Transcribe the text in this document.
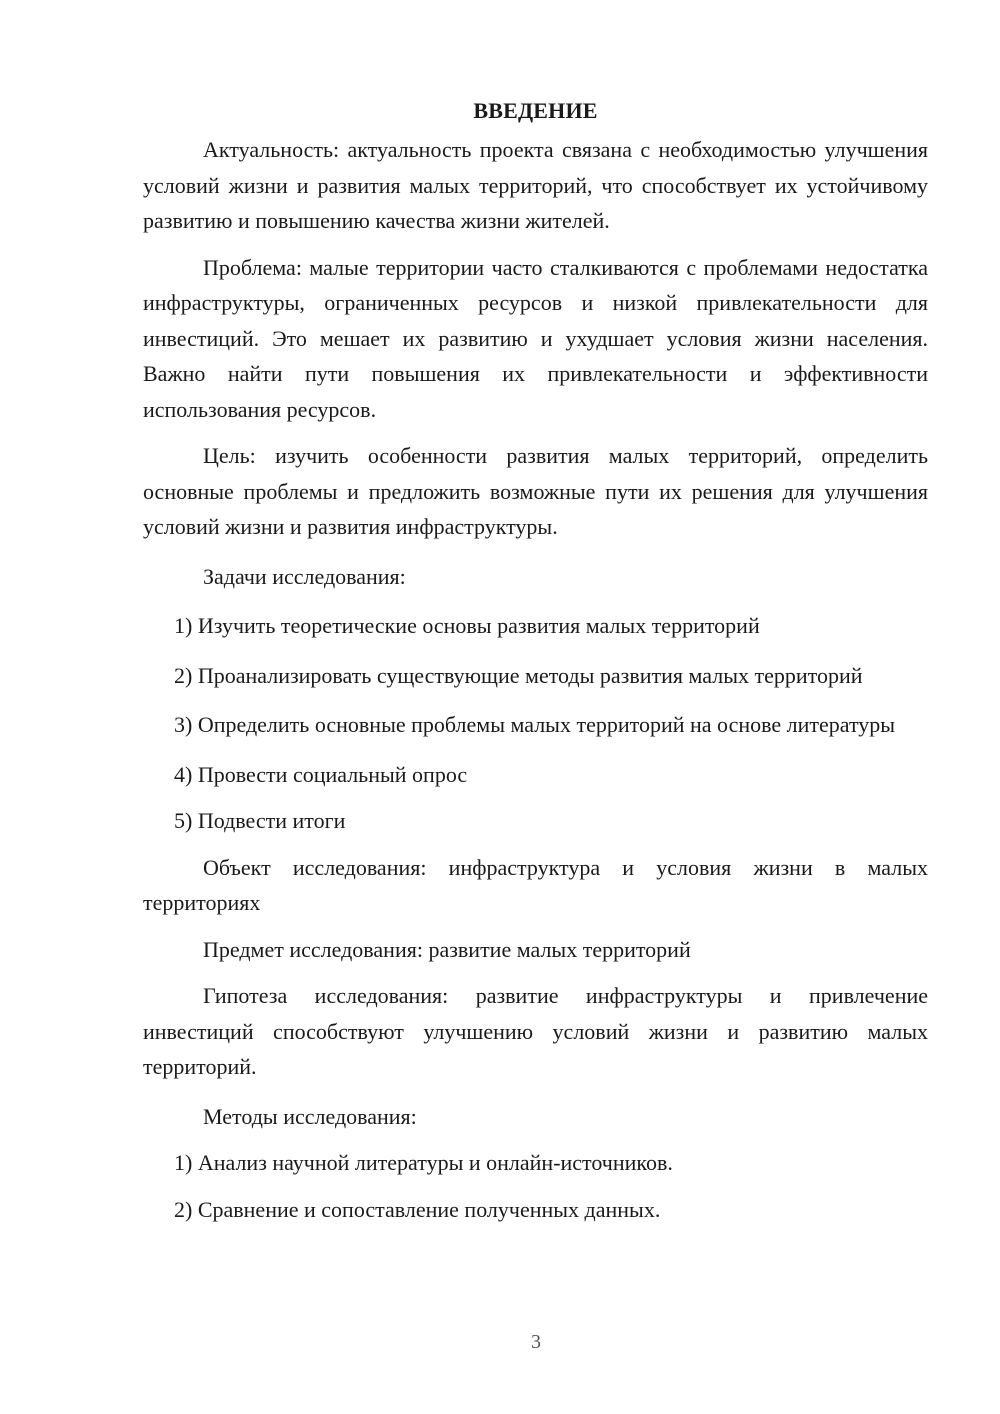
ВВЕДЕНИЕ

Актуальность: актуальность проекта связана с необходимостью улучшения условий жизни и развития малых территорий, что способствует их устойчивому развитию и повышению качества жизни жителей.

Проблема: малые территории часто сталкиваются с проблемами недостатка инфраструктуры, ограниченных ресурсов и низкой привлекательности для инвестиций. Это мешает их развитию и ухудшает условия жизни населения. Важно найти пути повышения их привлекательности и эффективности использования ресурсов.

Цель: изучить особенности развития малых территорий, определить основные проблемы и предложить возможные пути их решения для улучшения условий жизни и развития инфраструктуры.

Задачи исследования:

1) Изучить теоретические основы развития малых территорий

2) Проанализировать существующие методы развития малых территорий

3) Определить основные проблемы малых территорий на основе литературы

4) Провести социальный опрос

5) Подвести итоги

Объект исследования: инфраструктура и условия жизни в малых территориях

Предмет исследования: развитие малых территорий

Гипотеза исследования: развитие инфраструктуры и привлечение инвестиций способствуют улучшению условий жизни и развитию малых территорий.

Методы исследования:

1) Анализ научной литературы и онлайн-источников.

2) Сравнение и сопоставление полученных данных.

3
